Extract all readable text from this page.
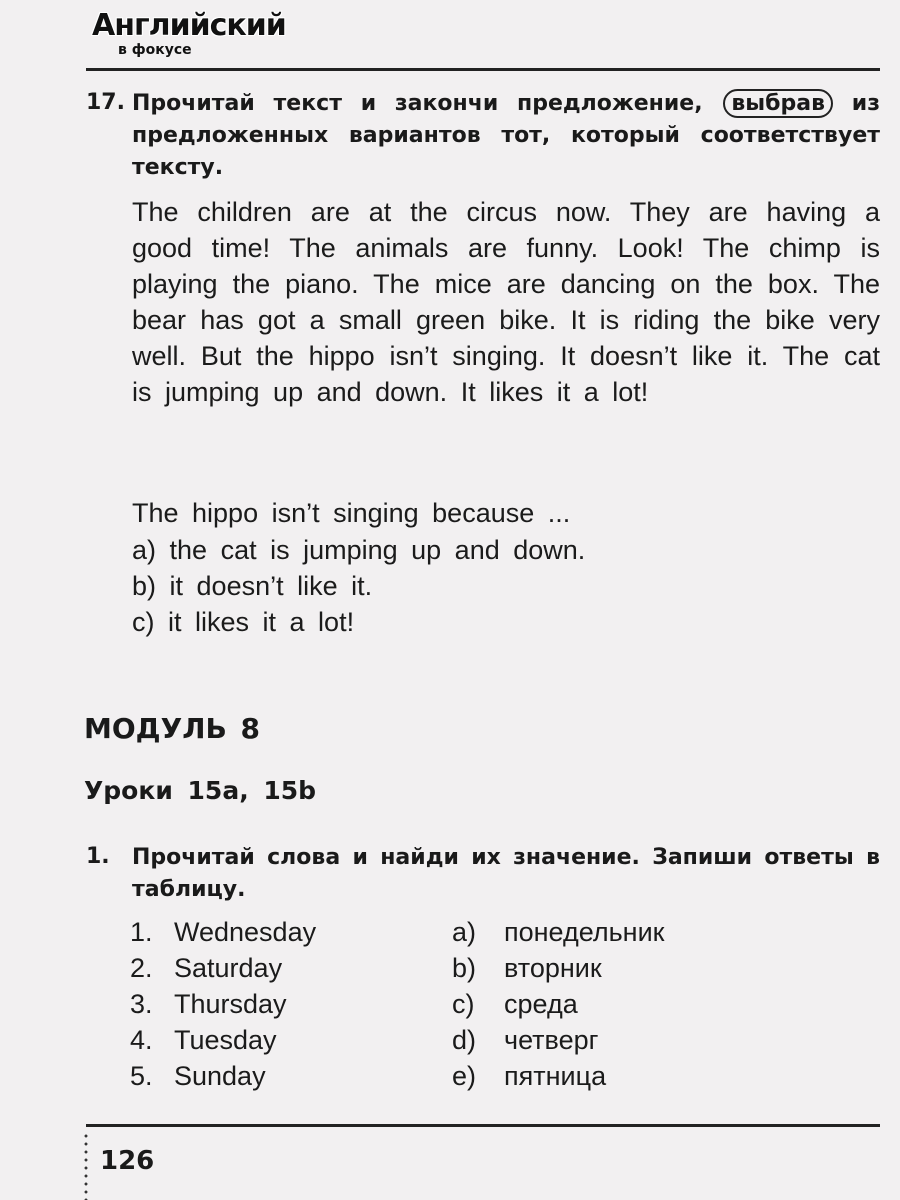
Английский
в фокусе
17. Прочитай текст и закончи предложение, выбрав из предложенных вариантов тот, который соответствует тексту.

The children are at the circus now. They are having a good time! The animals are funny. Look! The chimp is playing the piano. The mice are dancing on the box. The bear has got a small green bike. It is riding the bike very well. But the hippo isn’t singing. It doesn’t like it. The cat is jumping up and down. It likes it a lot!

The hippo isn’t singing because ...
a) the cat is jumping up and down.
b) it doesn’t like it.
c) it likes it a lot!
МОДУЛЬ 8
Уроки 15a, 15b
1. Прочитай слова и найди их значение. Запиши ответы в таблицу.
1. Wednesday
2. Saturday
3. Thursday
4. Tuesday
5. Sunday
a) понедельник
b) вторник
c) среда
d) четверг
e) пятница
126
